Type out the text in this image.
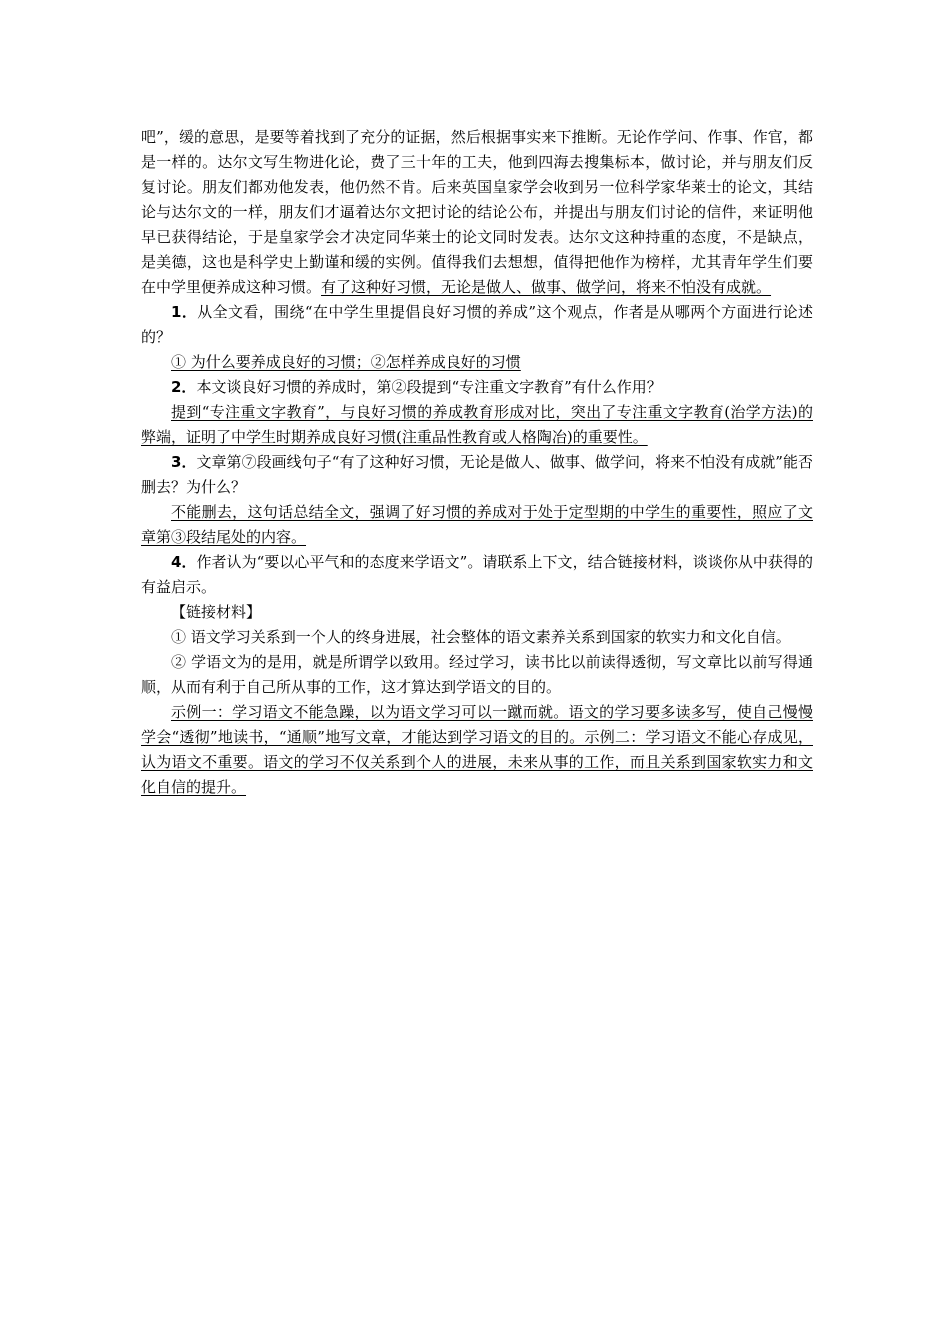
吧”，缓的意思，是要等着找到了充分的证据，然后根据事实来下推断。无论作学问、作事、作官，都是一样的。达尔文写生物进化论，费了三十年的工夫，他到四海去搜集标本，做讨论，并与朋友们反复讨论。朋友们都劝他发表，他仍然不肯。后来英国皇家学会收到另一位科学家华莱士的论文，其结论与达尔文的一样，朋友们才逼着达尔文把讨论的结论公布，并提出与朋友们讨论的信件，来证明他早已获得结论，于是皇家学会才决定同华莱士的论文同时发表。达尔文这种持重的态度，不是缺点，是美德，这也是科学史上勤谨和缓的实例。值得我们去想想，值得把他作为榜样，尤其青年学生们要在中学里便养成这种习惯。有了这种好习惯，无论是做人、做事、做学问，将来不怕没有成就。

1．从全文看，围绕“在中学生里提倡良好习惯的养成”这个观点，作者是从哪两个方面进行论述的？

① 为什么要养成良好的习惯；②怎样养成良好的习惯

2．本文谈良好习惯的养成时，第②段提到“专注重文字教育”有什么作用？

提到“专注重文字教育”，与良好习惯的养成教育形成对比，突出了专注重文字教育(治学方法)的弊端，证明了中学生时期养成良好习惯(注重品性教育或人格陶冶)的重要性。

3．文章第⑦段画线句子“有了这种好习惯，无论是做人、做事、做学问，将来不怕没有成就”能否删去？为什么？

不能删去，这句话总结全文，强调了好习惯的养成对于处于定型期的中学生的重要性，照应了文章第③段结尾处的内容。

4．作者认为“要以心平气和的态度来学语文”。请联系上下文，结合链接材料，谈谈你从中获得的有益启示。

【链接材料】

① 语文学习关系到一个人的终身进展，社会整体的语文素养关系到国家的软实力和文化自信。

② 学语文为的是用，就是所谓学以致用。经过学习，读书比以前读得透彻，写文章比以前写得通顺，从而有利于自己所从事的工作，这才算达到学语文的目的。

示例一：学习语文不能急躁，以为语文学习可以一蹴而就。语文的学习要多读多写，使自己慢慢学会“透彻”地读书，“通顺”地写文章，才能达到学习语文的目的。示例二：学习语文不能心存成见，认为语文不重要。语文的学习不仅关系到个人的进展，未来从事的工作，而且关系到国家软实力和文化自信的提升。
